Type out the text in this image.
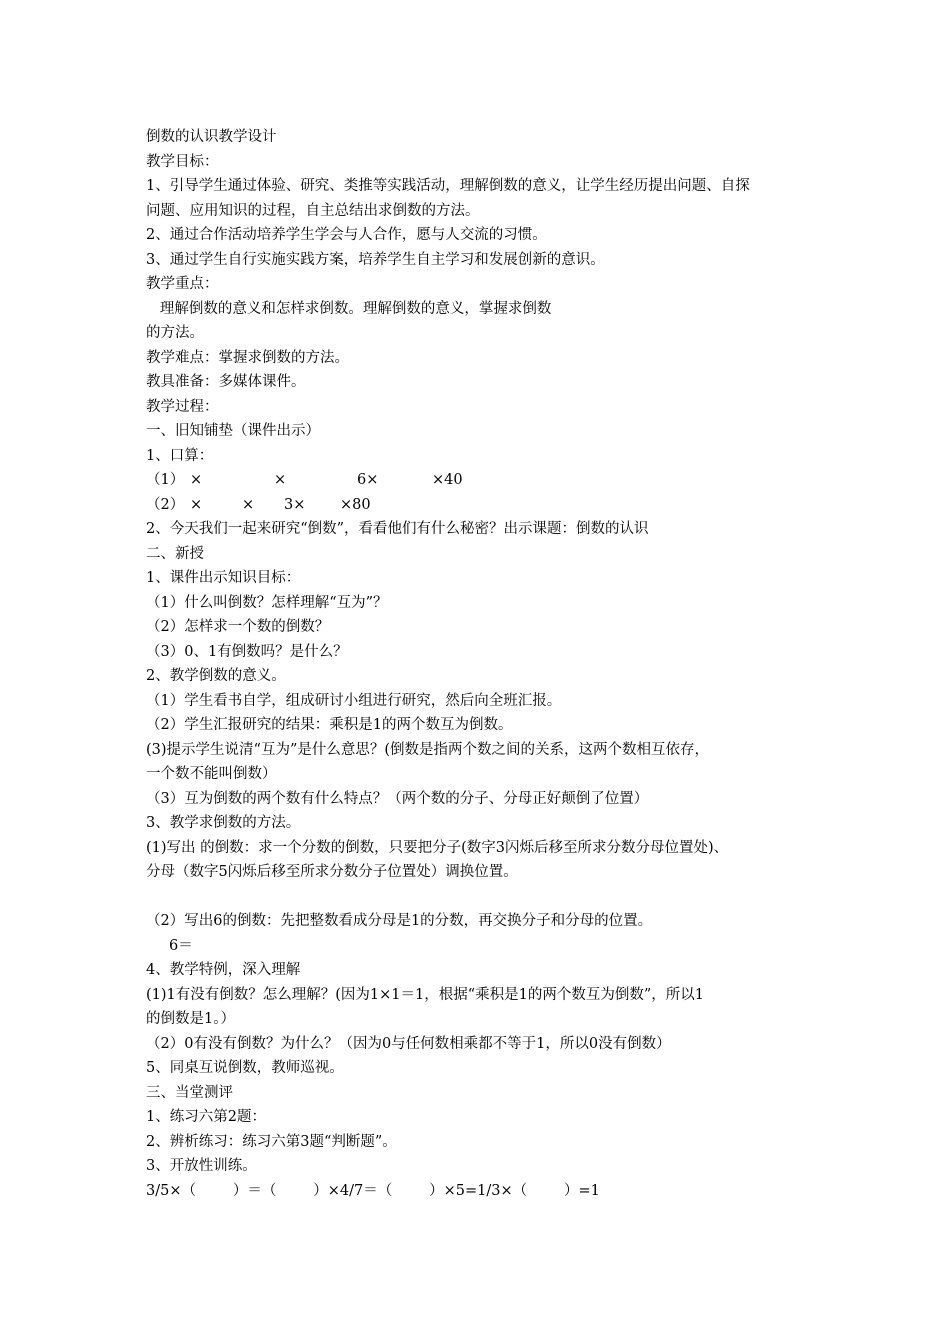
倒数的认识教学设计
教学目标：
1、引导学生通过体验、研究、类推等实践活动，理解倒数的意义，让学生经历提出问题、自探
问题、应用知识的过程，自主总结出求倒数的方法。
2、通过合作活动培养学生学会与人合作，愿与人交流的习惯。
3、通过学生自行实施实践方案，培养学生自主学习和发展创新的意识。
教学重点：
理解倒数的意义和怎样求倒数。理解倒数的意义，掌握求倒数
的方法。
教学难点：掌握求倒数的方法。
教具准备：多媒体课件。
教学过程：
一、旧知铺垫（课件出示）
1、口算：
（1） ×	×	6×	×40
（2） ×	× 3× ×80
2、今天我们一起来研究“倒数”，看看他们有什么秘密？出示课题：倒数的认识
二、新授
1、课件出示知识目标：
（1）什么叫倒数？怎样理解“互为”？
（2）怎样求一个数的倒数？
（3）0、1有倒数吗？是什么？
2、教学倒数的意义。
（1）学生看书自学，组成研讨小组进行研究，然后向全班汇报。
（2）学生汇报研究的结果：乘积是1的两个数互为倒数。
(3)提示学生说清“互为”是什么意思？(倒数是指两个数之间的关系，这两个数相互依存，
一个数不能叫倒数）
（3）互为倒数的两个数有什么特点？（两个数的分子、分母正好颠倒了位置）
3、教学求倒数的方法。
(1)写出 的倒数：求一个分数的倒数，只要把分子(数字3闪烁后移至所求分数分母位置处)、
分母（数字5闪烁后移至所求分数分子位置处）调换位置。
（2）写出6的倒数：先把整数看成分母是1的分数，再交换分子和分母的位置。
6＝
4、教学特例，深入理解
(1)1有没有倒数？怎么理解？(因为1×1＝1，根据“乘积是1的两个数互为倒数”，所以1
的倒数是1。）
（2）0有没有倒数？为什么？（因为0与任何数相乘都不等于1，所以0没有倒数）
5、同桌互说倒数，教师巡视。
三、当堂测评
1、练习六第2题：
2、辨析练习：练习六第3题“判断题”。
3、开放性训练。
3/5×（        ）＝（        ）×4/7＝（        ）×5=1/3×（        ）=1
